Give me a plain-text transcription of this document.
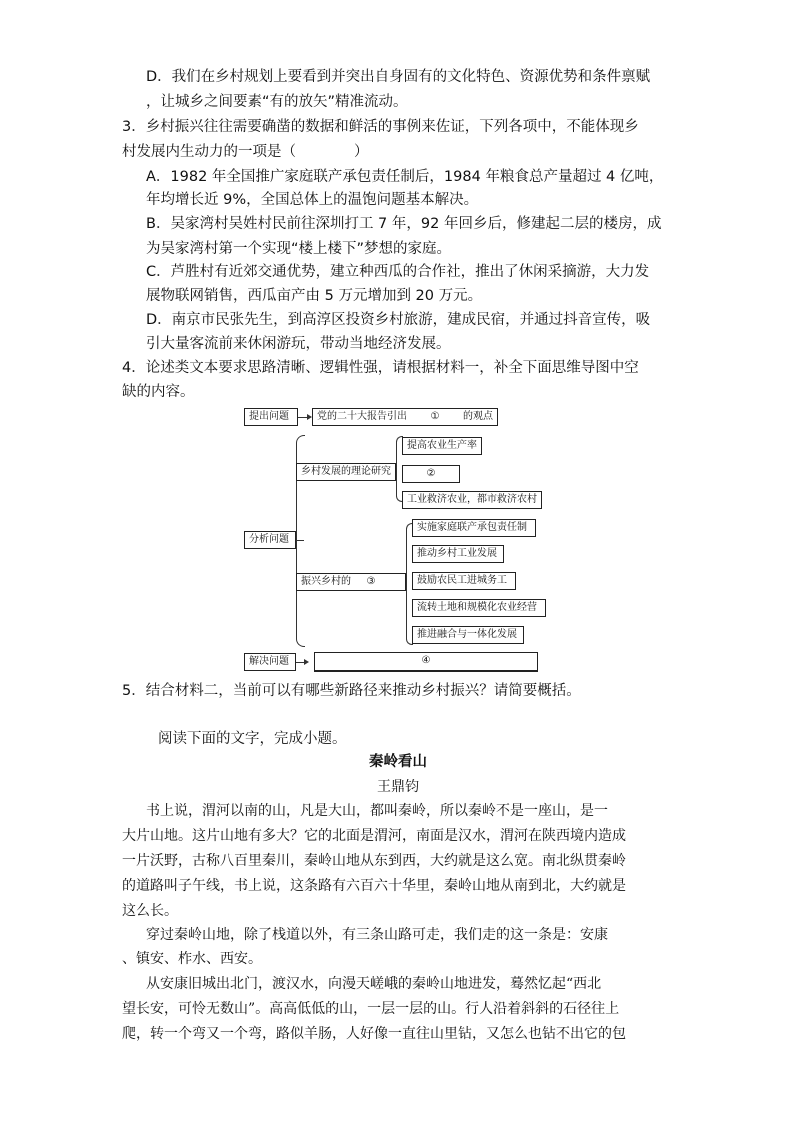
D．我们在乡村规划上要看到并突出自身固有的文化特色、资源优势和条件禀赋
，让城乡之间要素“有的放矢”精准流动。
3．乡村振兴往往需要确凿的数据和鲜活的事例来佐证，下列各项中，不能体现乡
村发展内生动力的一项是（　　　　）
A．1982 年全国推广家庭联产承包责任制后，1984 年粮食总产量超过 4 亿吨，
年均增长近 9%，全国总体上的温饱问题基本解决。
B．吴家湾村吴姓村民前往深圳打工 7 年，92 年回乡后，修建起二层的楼房，成
为吴家湾村第一个实现“楼上楼下”梦想的家庭。
C．芦胜村有近郊交通优势，建立种西瓜的合作社，推出了休闲采摘游，大力发
展物联网销售，西瓜亩产由 5 万元增加到 20 万元。
D．南京市民张先生，到高淳区投资乡村旅游，建成民宿，并通过抖音宣传，吸
引大量客流前来休闲游玩，带动当地经济发展。
4．论述类文本要求思路清晰、逻辑性强，请根据材料一，补全下面思维导图中空
缺的内容。
提出问题	党的二十大报告引出 ① 的观点
分析问题
乡村发展的理论研究
提高农业生产率
②
工业救济农业，都市救济农村
振兴乡村的 ③
实施家庭联产承包责任制
推动乡村工业发展
鼓励农民工进城务工
流转土地和规模化农业经营
推进融合与一体化发展
解决问题	④
5．结合材料二，当前可以有哪些新路径来推动乡村振兴？请简要概括。
阅读下面的文字，完成小题。
秦岭看山
王鼎钧
书上说，渭河以南的山，凡是大山，都叫秦岭，所以秦岭不是一座山，是一
大片山地。这片山地有多大？它的北面是渭河，南面是汉水，渭河在陕西境内造成
一片沃野，古称八百里秦川，秦岭山地从东到西，大约就是这么宽。南北纵贯秦岭
的道路叫子午线，书上说，这条路有六百六十华里，秦岭山地从南到北，大约就是
这么长。
穿过秦岭山地，除了栈道以外，有三条山路可走，我们走的这一条是：安康
、镇安、柞水、西安。
从安康旧城出北门，渡汉水，向漫天嵯峨的秦岭山地进发，蓦然忆起“西北
望长安，可怜无数山”。高高低低的山，一层一层的山。行人沿着斜斜的石径往上
爬，转一个弯又一个弯，路似羊肠，人好像一直往山里钻，又怎么也钻不出它的包
